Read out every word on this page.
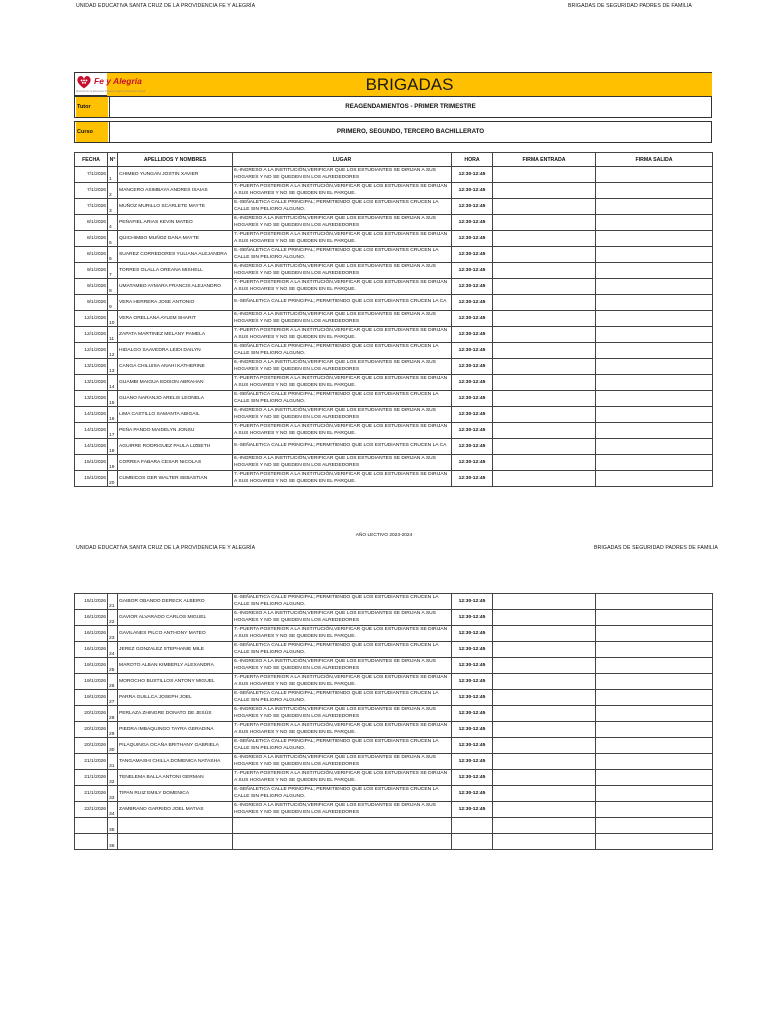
UNIDAD EDUCATIVA SANTA CRUZ DE LA PROVIDENCIA FE Y ALEGRÍA	BRIGADAS DE SEGURIDAD PADRES DE FAMILIA
Fe y Alegría
Movimiento de Educación Popular Integral y Promoción Social	BRIGADAS
Tutor	REAGENDAMIENTOS - PRIMER TRIMESTRE
Curso	PRIMERO, SEGUNDO, TERCERO BACHILLERATO
FECHA	N°	APELLIDOS Y NOMBRES	LUGAR	HORA	FIRMA ENTRADA	FIRMA SALIDA
7/1/2026	1	CHIMBO YUNGAN JOSTIN XAVIER	6.-INGRESO A LA INSTITUCIÓN,VERIFICAR QUE LOS ESTUDIANTES SE DIRIJAN A SUS HOGARES Y NO SE QUEDEN EN LOS ALREDEDORES	12:30-12:45		
7/1/2026	2	MANCERO ASIMBAYA ANDRES ISAIAS	7.-PUERTA POSTERIOR A LA INSTITUCIÓN,VERIFICAR QUE LOS ESTUDIANTES SE DIRIJAN A SUS HOGARES Y NO SE QUEDEN EN EL PARQUE.	12:30-12:45		
7/1/2026	3	MUÑOZ MURILLO SCARLETE MAYTE	8.-SEÑALETICA CALLE PRINCIPAL; PERMITIENDO QUE LOS ESTUDIANTES CRUCEN LA CALLE SIN PELIGRO ALGUNO.	12:30-12:45		
8/1/2026	4	PEÑAFIEL ARIAS KEVIN MATEO	6.-INGRESO A LA INSTITUCIÓN,VERIFICAR QUE LOS ESTUDIANTES SE DIRIJAN A SUS HOGARES Y NO SE QUEDEN EN LOS ALREDEDORES	12:30-12:45		
8/1/2026	5	QUICHIMBO MUÑOZ DANA MAYTE	7.-PUERTA POSTERIOR A LA INSTITUCIÓN,VERIFICAR QUE LOS ESTUDIANTES SE DIRIJAN A SUS HOGARES Y NO SE QUEDEN EN EL PARQUE.	12:30-12:45		
8/1/2026	6	SUAREZ CORREDORES YULIANA ALEJANDRA	8.-SEÑALETICA CALLE PRINCIPAL; PERMITIENDO QUE LOS ESTUDIANTES CRUCEN LA CALLE SIN PELIGRO ALGUNO.	12:30-12:45		
9/1/2026	7	TORRES OLALLA OREANA MISHELL	6.-INGRESO A LA INSTITUCIÓN,VERIFICAR QUE LOS ESTUDIANTES SE DIRIJAN A SUS HOGARES Y NO SE QUEDEN EN LOS ALREDEDORES	12:30-12:45		
9/1/2026	8	UMATAMBO AYMARA FRANCIS ALEJANDRO	7.-PUERTA POSTERIOR A LA INSTITUCIÓN,VERIFICAR QUE LOS ESTUDIANTES SE DIRIJAN A SUS HOGARES Y NO SE QUEDEN EN EL PARQUE.	12:30-12:45		
9/1/2026	9	VERA HERRERA JOSE ANTONIO	8.-SEÑALETICA CALLE PRINCIPAL; PERMITIENDO QUE LOS ESTUDIANTES CRUCEN LA CA	12:30-12:45		
12/1/2026	10	VERA ORELLANA AYLEM SHARIT	6.-INGRESO A LA INSTITUCIÓN,VERIFICAR QUE LOS ESTUDIANTES SE DIRIJAN A SUS HOGARES Y NO SE QUEDEN EN LOS ALREDEDORES	12:30-12:45		
12/1/2026	11	ZAPATA MARTINEZ MELANY PAMELA	7.-PUERTA POSTERIOR A LA INSTITUCIÓN,VERIFICAR QUE LOS ESTUDIANTES SE DIRIJAN A SUS HOGARES Y NO SE QUEDEN EN EL PARQUE.	12:30-12:45		
12/1/2026	12	HIDALGO SAAVEDRA LEIDI DAILYN	8.-SEÑALETICA CALLE PRINCIPAL; PERMITIENDO QUE LOS ESTUDIANTES CRUCEN LA CALLE SIN PELIGRO ALGUNO.	12:30-12:45		
13/1/2026	13	CANGA CHILUISA ANAHI KATHERINE	6.-INGRESO A LA INSTITUCIÓN,VERIFICAR QUE LOS ESTUDIANTES SE DIRIJAN A SUS HOGARES Y NO SE QUEDEN EN LOS ALREDEDORES	12:30-12:45		
13/1/2026	14	GUAMBI MAIGUA EDISON ABRAHAN	7.-PUERTA POSTERIOR A LA INSTITUCIÓN,VERIFICAR QUE LOS ESTUDIANTES SE DIRIJAN A SUS HOGARES Y NO SE QUEDEN EN EL PARQUE.	12:30-12:45		
13/1/2026	15	GUANO NARANJO ARELIS LEONELA	8.-SEÑALETICA CALLE PRINCIPAL; PERMITIENDO QUE LOS ESTUDIANTES CRUCEN LA CALLE SIN PELIGRO ALGUNO.	12:30-12:45		
14/1/2026	16	LIMA CASTILLO SAMANTA ABIGAIL	6.-INGRESO A LA INSTITUCIÓN,VERIFICAR QUE LOS ESTUDIANTES SE DIRIJAN A SUS HOGARES Y NO SE QUEDEN EN LOS ALREDEDORES	12:30-12:45		
14/1/2026	17	PEÑA PANDO MAIDELYN JONSU	7.-PUERTA POSTERIOR A LA INSTITUCIÓN,VERIFICAR QUE LOS ESTUDIANTES SE DIRIJAN A SUS HOGARES Y NO SE QUEDEN EN EL PARQUE.	12:30-12:45		
14/1/2026	18	AGUIRRE RODRIGUEZ PAULA LIZBETH	8.-SEÑALETICA CALLE PRINCIPAL; PERMITIENDO QUE LOS ESTUDIANTES CRUCEN LA CA	12:30-12:45		
15/1/2026	19	CORREA FABARA CESAR NICOLAS	6.-INGRESO A LA INSTITUCIÓN,VERIFICAR QUE LOS ESTUDIANTES SE DIRIJAN A SUS HOGARES Y NO SE QUEDEN EN LOS ALREDEDORES	12:30-12:45		
15/1/2026	20	CUMBICOS GER WALTER SEBASTIAN	7.-PUERTA POSTERIOR A LA INSTITUCIÓN,VERIFICAR QUE LOS ESTUDIANTES SE DIRIJAN A SUS HOGARES Y NO SE QUEDEN EN EL PARQUE.	12:30-12:45		
AÑO LECTIVO 2023-2024
UNIDAD EDUCATIVA SANTA CRUZ DE LA PROVIDENCIA FE Y ALEGRÍA	BRIGADAS DE SEGURIDAD PADRES DE FAMILIA
15/1/2026	21	GAIBOR OBANDO DERECK ALBEIRO	8.-SEÑALETICA CALLE PRINCIPAL; PERMITIENDO QUE LOS ESTUDIANTES CRUCEN LA CALLE SIN PELIGRO ALGUNO.	12:30-12:45		
16/1/2026	22	GAVIOR ALVARADO CARLOS MIGUEL	6.-INGRESO A LA INSTITUCIÓN,VERIFICAR QUE LOS ESTUDIANTES SE DIRIJAN A SUS HOGARES Y NO SE QUEDEN EN LOS ALREDEDORES	12:30-12:45		
16/1/2026	23	GAVILANES PILCO ANTHONY MATEO	7.-PUERTA POSTERIOR A LA INSTITUCIÓN,VERIFICAR QUE LOS ESTUDIANTES SE DIRIJAN A SUS HOGARES Y NO SE QUEDEN EN EL PARQUE.	12:30-12:45		
16/1/2026	24	JEREZ GONZALEZ STEPHANIE MILE	8.-SEÑALETICA CALLE PRINCIPAL; PERMITIENDO QUE LOS ESTUDIANTES CRUCEN LA CALLE SIN PELIGRO ALGUNO.	12:30-12:45		
19/1/2026	25	MAROTO ALBAN KIMBERLY ALEXANDRA	6.-INGRESO A LA INSTITUCIÓN,VERIFICAR QUE LOS ESTUDIANTES SE DIRIJAN A SUS HOGARES Y NO SE QUEDEN EN LOS ALREDEDORES	12:30-12:45		
19/1/2026	26	MOROCHO BUSTILLOS ANTONY MIGUEL	7.-PUERTA POSTERIOR A LA INSTITUCIÓN,VERIFICAR QUE LOS ESTUDIANTES SE DIRIJAN A SUS HOGARES Y NO SE QUEDEN EN EL PARQUE.	12:30-12:45		
19/1/2026	27	PARRA GUILLCA JOSEPH JOEL	8.-SEÑALETICA CALLE PRINCIPAL; PERMITIENDO QUE LOS ESTUDIANTES CRUCEN LA CALLE SIN PELIGRO ALGUNO.	12:30-12:45		
20/1/2026	28	PERLAZA ZHINGRE DONATO DE JESÚS	6.-INGRESO A LA INSTITUCIÓN,VERIFICAR QUE LOS ESTUDIANTES SE DIRIJAN A SUS HOGARES Y NO SE QUEDEN EN LOS ALREDEDORES	12:30-12:45		
20/1/2026	29	PIEDRA IMBAQUINGO TAYRA GERADINA	7.-PUERTA POSTERIOR A LA INSTITUCIÓN,VERIFICAR QUE LOS ESTUDIANTES SE DIRIJAN A SUS HOGARES Y NO SE QUEDEN EN EL PARQUE.	12:30-12:45		
20/1/2026	30	PILAQUINGA OCAÑA BRITHANY GABRIELA	8.-SEÑALETICA CALLE PRINCIPAL; PERMITIENDO QUE LOS ESTUDIANTES CRUCEN LA CALLE SIN PELIGRO ALGUNO.	12:30-12:45		
21/1/2026	31	TANGAMASHI CHILLA DOMENICA NATASHA	6.-INGRESO A LA INSTITUCIÓN,VERIFICAR QUE LOS ESTUDIANTES SE DIRIJAN A SUS HOGARES Y NO SE QUEDEN EN LOS ALREDEDORES	12:30-12:45		
21/1/2026	32	TENELEMA BALLA ANTONI GERMAN	7.-PUERTA POSTERIOR A LA INSTITUCIÓN,VERIFICAR QUE LOS ESTUDIANTES SE DIRIJAN A SUS HOGARES Y NO SE QUEDEN EN EL PARQUE.	12:30-12:45		
21/1/2026	33	TIPAN RUIZ EMILY DOMENICA	8.-SEÑALETICA CALLE PRINCIPAL; PERMITIENDO QUE LOS ESTUDIANTES CRUCEN LA CALLE SIN PELIGRO ALGUNO.	12:30-12:45		
22/1/2026	34	ZAMBRANO GARRIDO JOEL MATIAS	6.-INGRESO A LA INSTITUCIÓN,VERIFICAR QUE LOS ESTUDIANTES SE DIRIJAN A SUS HOGARES Y NO SE QUEDEN EN LOS ALREDEDORES	12:30-12:45		
	35					
	36					
